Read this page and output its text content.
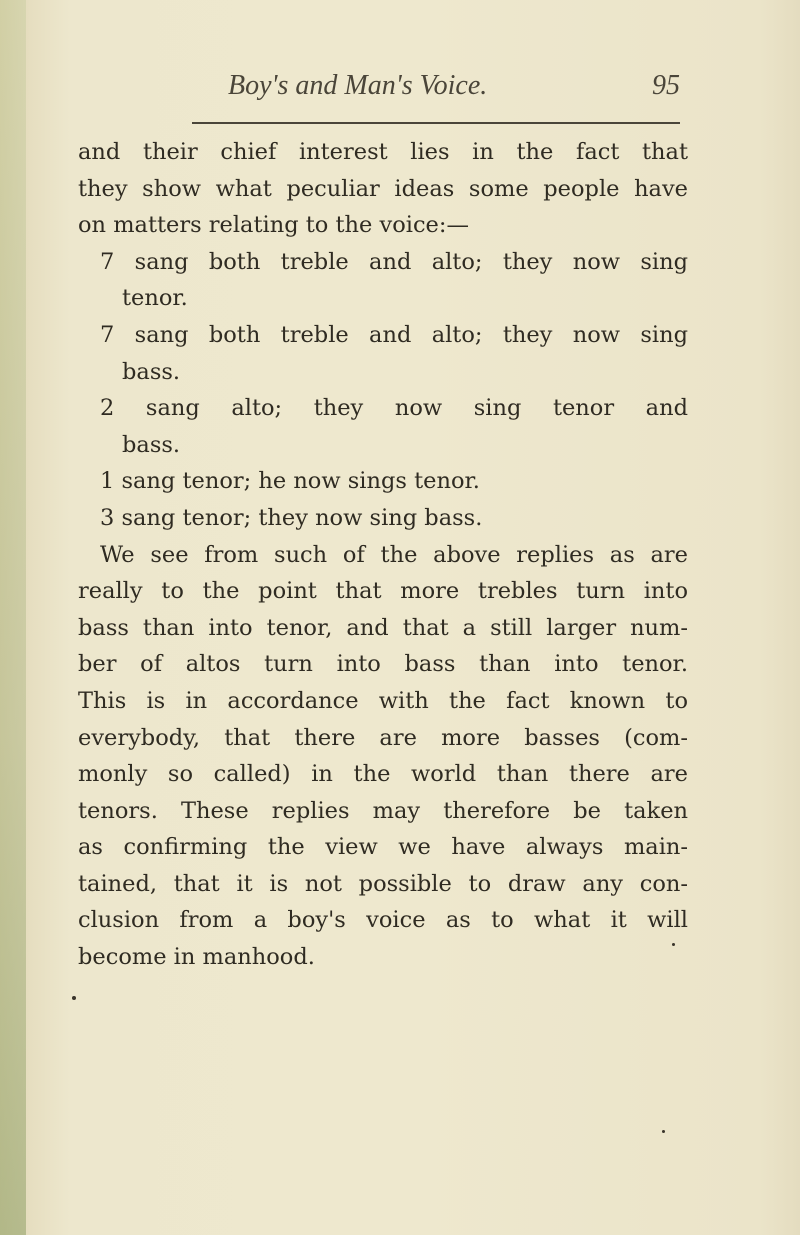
Boy's and Man's Voice.	95
and their chief interest lies in the fact that
they show what peculiar ideas some people have
on matters relating to the voice:—
7 sang both treble and alto; they now sing
tenor.
7 sang both treble and alto; they now sing
bass.
2 sang alto; they now sing tenor and
bass.
1 sang tenor; he now sings tenor.
3 sang tenor; they now sing bass.
We see from such of the above replies as are
really to the point that more trebles turn into
bass than into tenor, and that a still larger num-
ber of altos turn into bass than into tenor.
This is in accordance with the fact known to
everybody, that there are more basses (com-
monly so called) in the world than there are
tenors. These replies may therefore be taken
as confirming the view we have always main-
tained, that it is not possible to draw any con-
clusion from a boy's voice as to what it will
become in manhood.
